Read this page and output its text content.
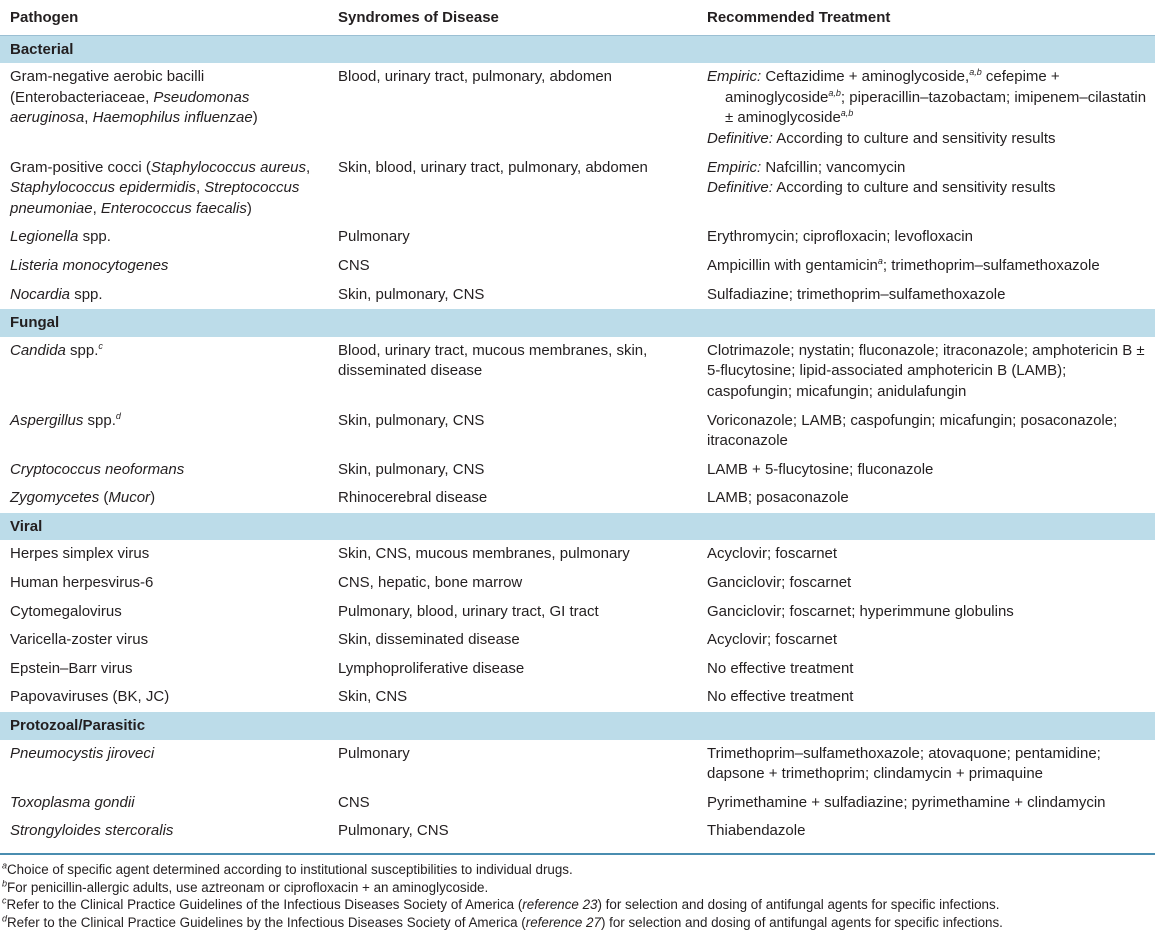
Pathogen	Syndromes of Disease	Recommended Treatment
Bacterial		
Gram-negative aerobic bacilli (Enterobacteriaceae, Pseudomonas aeruginosa, Haemophilus influenzae)	Blood, urinary tract, pulmonary, abdomen	Empiric: Ceftazidime + aminoglycoside,$^{a,b}$ cefepime + aminoglycoside$^{a,b}$; piperacillin–tazobactam; imipenem–cilastatin ± aminoglycoside$^{a,b}$
Definitive: According to culture and sensitivity results

Gram-positive cocci (Staphylococcus aureus, Staphylococcus epidermidis, Streptococcus pneumoniae, Enterococcus faecalis)	Skin, blood, urinary tract, pulmonary, abdomen	Empiric: Nafcillin; vancomycin
Definitive: According to culture and sensitivity results

Legionella spp.	Pulmonary	Erythromycin; ciprofloxacin; levofloxacin
Listeria monocytogenes	CNS	Ampicillin with gentamicin$^a$; trimethoprim–sulfamethoxazole
Nocardia spp.	Skin, pulmonary, CNS	Sulfadiazine; trimethoprim–sulfamethoxazole
Fungal		
Candida spp.$^c$	Blood, urinary tract, mucous membranes, skin, disseminated disease	Clotrimazole; nystatin; fluconazole; itraconazole; amphotericin B ± 5-flucytosine; lipid-associated amphotericin B (LAMB); caspofungin; micafungin; anidulafungin
Aspergillus spp.$^d$	Skin, pulmonary, CNS	Voriconazole; LAMB; caspofungin; micafungin; posaconazole; itraconazole
Cryptococcus neoformans	Skin, pulmonary, CNS	LAMB + 5-flucytosine; fluconazole
Zygomycetes (Mucor)	Rhinocerebral disease	LAMB; posaconazole
Viral		
Herpes simplex virus	Skin, CNS, mucous membranes, pulmonary	Acyclovir; foscarnet
Human herpesvirus-6	CNS, hepatic, bone marrow	Ganciclovir; foscarnet
Cytomegalovirus	Pulmonary, blood, urinary tract, GI tract	Ganciclovir; foscarnet; hyperimmune globulins
Varicella-zoster virus	Skin, disseminated disease	Acyclovir; foscarnet
Epstein–Barr virus	Lymphoproliferative disease	No effective treatment
Papovaviruses (BK, JC)	Skin, CNS	No effective treatment
Protozoal/Parasitic		
Pneumocystis jiroveci	Pulmonary	Trimethoprim–sulfamethoxazole; atovaquone; pentamidine; dapsone + trimethoprim; clindamycin + primaquine
Toxoplasma gondii	CNS	Pyrimethamine + sulfadiazine; pyrimethamine + clindamycin
Strongyloides stercoralis	Pulmonary, CNS	Thiabendazole
$^a$Choice of specific agent determined according to institutional susceptibilities to individual drugs.
$^b$For penicillin-allergic adults, use aztreonam or ciprofloxacin + an aminoglycoside.
$^c$Refer to the Clinical Practice Guidelines of the Infectious Diseases Society of America (reference 23) for selection and dosing of antifungal agents for specific infections.
$^d$Refer to the Clinical Practice Guidelines by the Infectious Diseases Society of America (reference 27) for selection and dosing of antifungal agents for specific infections.
